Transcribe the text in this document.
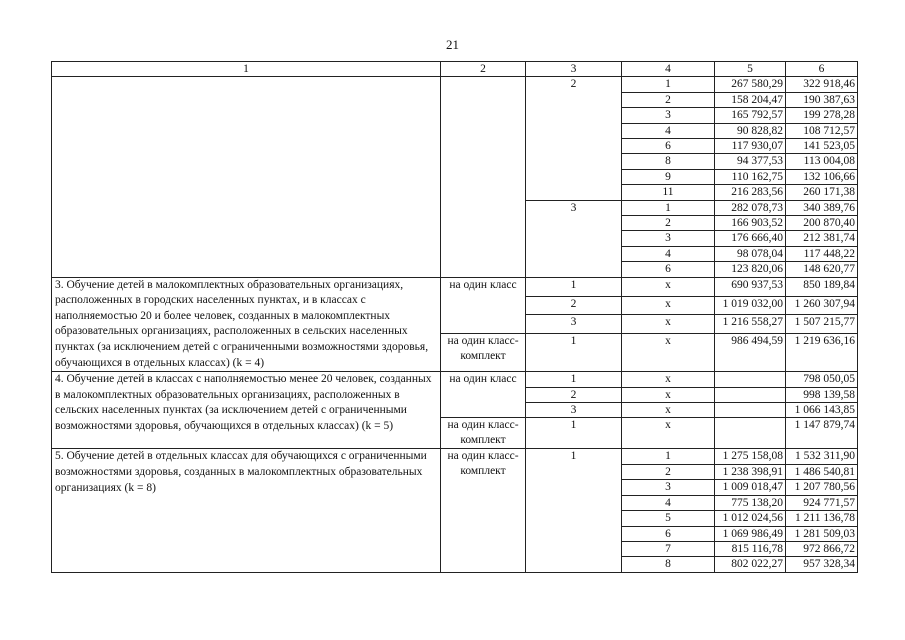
21
1	2	3	4	5	6
		2	1	267 580,29	322 918,46
			2	158 204,47	190 387,63
			3	165 792,57	199 278,28
			4	90 828,82	108 712,57
			6	117 930,07	141 523,05
			8	94 377,53	113 004,08
			9	110 162,75	132 106,66
			11	216 283,56	260 171,38
		3	1	282 078,73	340 389,76
			2	166 903,52	200 870,40
			3	176 666,40	212 381,74
			4	98 078,04	117 448,22
			6	123 820,06	148 620,77
3. Обучение детей в малокомплектных образовательных организациях, расположенных в городских населенных пунктах, и в классах с наполняемостью 20 и более человек, созданных в малокомплектных образовательных организациях, расположенных в сельских населенных пунктах (за исключением детей с ограниченными возможностями здоровья, обучающихся в отдельных классах) (k = 4)	на один класс	1	х	690 937,53	850 189,84
		2	х	1 019 032,00	1 260 307,94
		3	х	1 216 558,27	1 507 215,77
	на один класс-комплект	1	х	986 494,59	1 219 636,16
4. Обучение детей в классах с наполняемостью менее 20 человек, созданных в малокомплектных образовательных организациях, расположенных в сельских населенных пунктах (за исключением детей с ограниченными возможностями здоровья, обучающихся в отдельных классах) (k = 5)	на один класс	1	х		798 050,05
		2	х		998 139,58
		3	х		1 066 143,85
	на один класс-комплект	1	х		1 147 879,74
5. Обучение детей в отдельных классах для обучающихся с ограниченными возможностями здоровья, созданных в малокомплектных образовательных организациях (k = 8)	на один класс-комплект	1	1	1 275 158,08	1 532 311,90
			2	1 238 398,91	1 486 540,81
			3	1 009 018,47	1 207 780,56
			4	775 138,20	924 771,57
			5	1 012 024,56	1 211 136,78
			6	1 069 986,49	1 281 509,03
			7	815 116,78	972 866,72
			8	802 022,27	957 328,34
